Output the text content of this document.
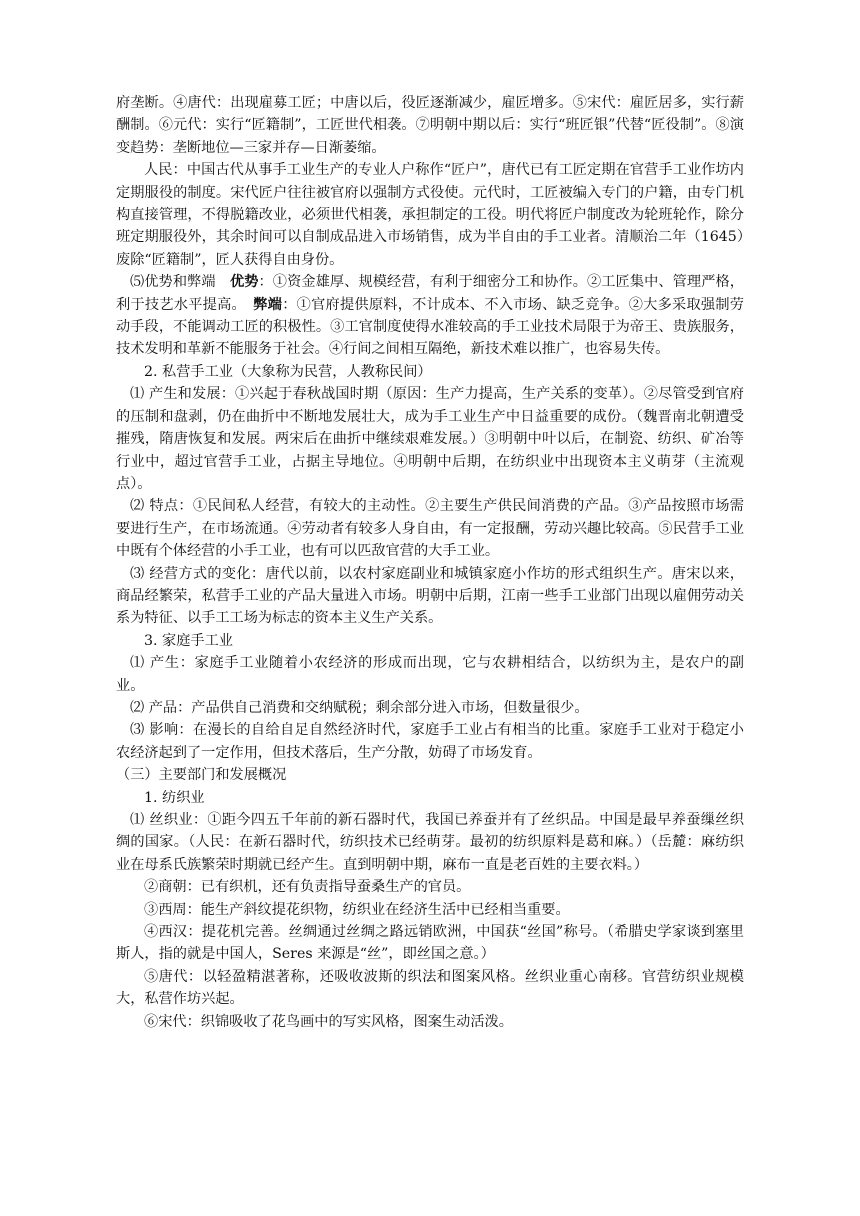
府垄断。④唐代：出现雇募工匠；中唐以后，役匠逐渐减少，雇匠增多。⑤宋代：雇匠居多，实行薪酬制。⑥元代：实行“匠籍制”，工匠世代相袭。⑦明朝中期以后：实行“班匠银”代替“匠役制”。⑧演变趋势：垄断地位—三家并存—日渐萎缩。

人民：中国古代从事手工业生产的专业人户称作“匠户”，唐代已有工匠定期在官营手工业作坊内定期服役的制度。宋代匠户往往被官府以强制方式役使。元代时，工匠被编入专门的户籍，由专门机构直接管理，不得脱籍改业，必须世代相袭，承担制定的工役。明代将匠户制度改为轮班轮作，除分班定期服役外，其余时间可以自制成品进入市场销售，成为半自由的手工业者。清顺治二年（1645）废除“匠籍制”，匠人获得自由身份。

⑸优势和弊端　优势：①资金雄厚、规模经营，有利于细密分工和协作。②工匠集中、管理严格，利于技艺水平提高。　弊端：①官府提供原料，不计成本、不入市场、缺乏竞争。②大多采取强制劳动手段，不能调动工匠的积极性。③工官制度使得水准较高的手工业技术局限于为帝王、贵族服务，技术发明和革新不能服务于社会。④行间之间相互隔绝，新技术难以推广，也容易失传。

2. 私营手工业（大象称为民营，人教称民间）

⑴ 产生和发展：①兴起于春秋战国时期（原因：生产力提高，生产关系的变革）。②尽管受到官府的压制和盘剥，仍在曲折中不断地发展壮大，成为手工业生产中日益重要的成份。（魏晋南北朝遭受摧残，隋唐恢复和发展。两宋后在曲折中继续艰难发展。）③明朝中叶以后，在制瓷、纺织、矿冶等行业中，超过官营手工业，占据主导地位。④明朝中后期，在纺织业中出现资本主义萌芽（主流观点）。

⑵ 特点：①民间私人经营，有较大的主动性。②主要生产供民间消费的产品。③产品按照市场需要进行生产，在市场流通。④劳动者有较多人身自由，有一定报酬，劳动兴趣比较高。⑤民营手工业中既有个体经营的小手工业，也有可以匹敌官营的大手工业。

⑶ 经营方式的变化：唐代以前，以农村家庭副业和城镇家庭小作坊的形式组织生产。唐宋以来，商品经繁荣，私营手工业的产品大量进入市场。明朝中后期，江南一些手工业部门出现以雇佣劳动关系为特征、以手工工场为标志的资本主义生产关系。

3. 家庭手工业

⑴ 产生：家庭手工业随着小农经济的形成而出现，它与农耕相结合，以纺织为主，是农户的副业。

⑵ 产品：产品供自己消费和交纳赋税；剩余部分进入市场，但数量很少。

⑶ 影响：在漫长的自给自足自然经济时代，家庭手工业占有相当的比重。家庭手工业对于稳定小农经济起到了一定作用，但技术落后，生产分散，妨碍了市场发育。

（三）主要部门和发展概况

1. 纺织业

⑴ 丝织业：①距今四五千年前的新石器时代，我国已养蚕并有了丝织品。中国是最早养蚕缫丝织绸的国家。（人民：在新石器时代，纺织技术已经萌芽。最初的纺织原料是葛和麻。）（岳麓：麻纺织业在母系氏族繁荣时期就已经产生。直到明朝中期，麻布一直是老百姓的主要衣料。）

②商朝：已有织机，还有负责指导蚕桑生产的官员。

③西周：能生产斜纹提花织物，纺织业在经济生活中已经相当重要。

④西汉：提花机完善。丝绸通过丝绸之路远销欧洲，中国获“丝国”称号。（希腊史学家谈到塞里斯人，指的就是中国人，Seres 来源是“丝”，即丝国之意。）

⑤唐代：以轻盈精湛著称，还吸收波斯的织法和图案风格。丝织业重心南移。官营纺织业规模大，私营作坊兴起。

⑥宋代：织锦吸收了花鸟画中的写实风格，图案生动活泼。
